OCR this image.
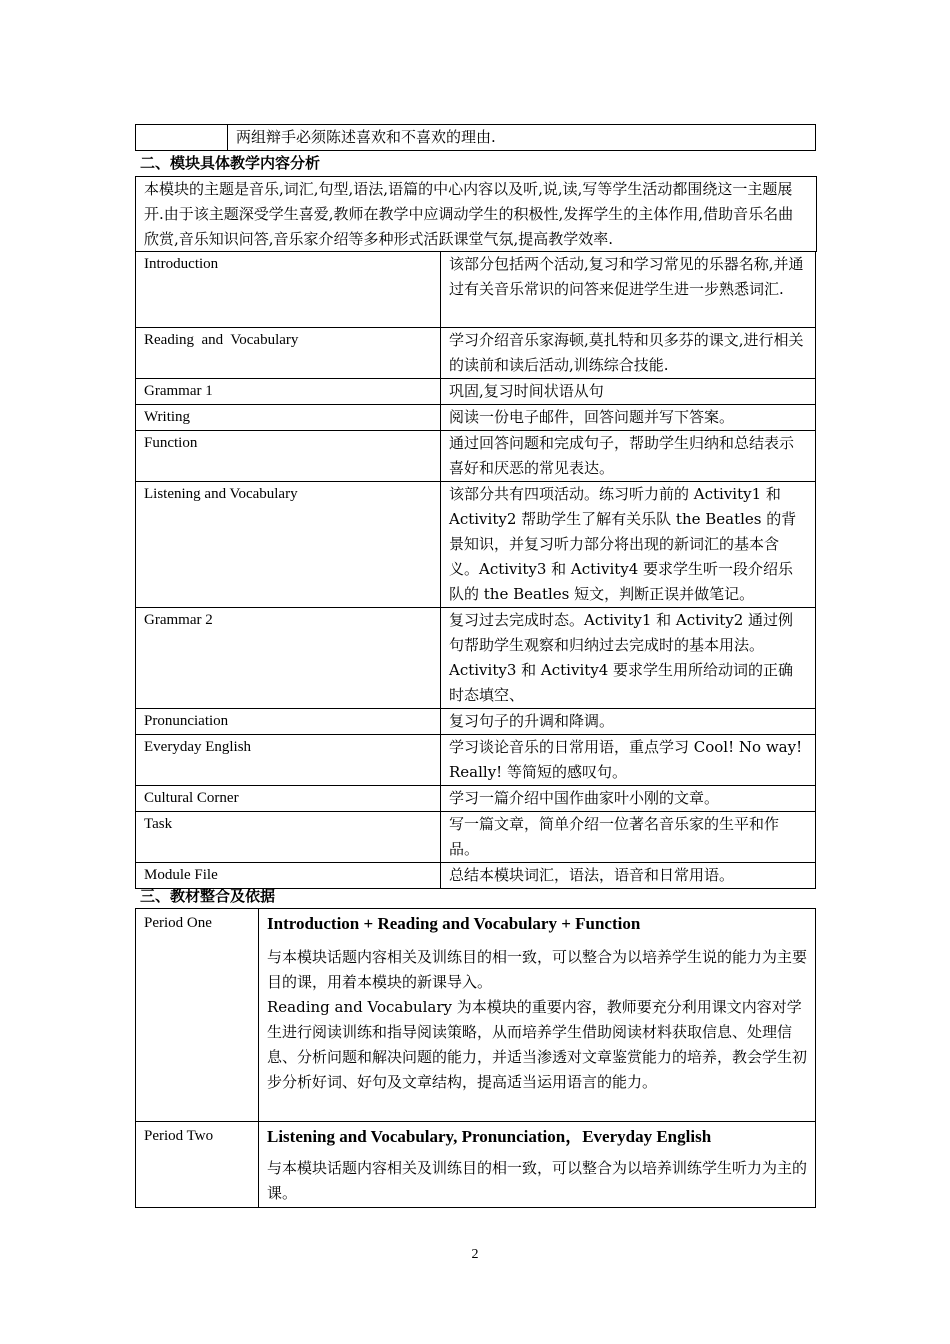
	两组辩手必须陈述喜欢和不喜欢的理由.
二、模块具体教学内容分析

本模块的主题是音乐,词汇,句型,语法,语篇的中心内容以及听,说,读,写等学生活动都围绕这一主题展开.由于该主题深受学生喜爱,教师在教学中应调动学生的积极性,发挥学生的主体作用,借助音乐名曲欣赏,音乐知识问答,音乐家介绍等多种形式活跃课堂气氛,提高教学效率.

Introduction	该部分包括两个活动,复习和学习常见的乐器名称,并通过有关音乐常识的问答来促进学生进一步熟悉词汇.
Reading  and  Vocabulary	学习介绍音乐家海顿,莫扎特和贝多芬的课文,进行相关的读前和读后活动,训练综合技能.
Grammar 1	巩固,复习时间状语从句
Writing	阅读一份电子邮件，回答问题并写下答案。
Function	通过回答问题和完成句子，帮助学生归纳和总结表示喜好和厌恶的常见表达。
Listening and Vocabulary	该部分共有四项活动。练习听力前的 Activity1 和 Activity2 帮助学生了解有关乐队 the Beatles 的背景知识，并复习听力部分将出现的新词汇的基本含义。Activity3 和 Activity4 要求学生听一段介绍乐队的 the Beatles 短文，判断正误并做笔记。
Grammar 2	复习过去完成时态。Activity1 和 Activity2 通过例句帮助学生观察和归纳过去完成时的基本用法。Activity3 和 Activity4 要求学生用所给动词的正确时态填空、
Pronunciation	复习句子的升调和降调。
Everyday English	学习谈论音乐的日常用语，重点学习 Cool! No way! Really! 等简短的感叹句。
Cultural Corner	学习一篇介绍中国作曲家叶小刚的文章。
Task	写一篇文章，简单介绍一位著名音乐家的生平和作品。
Module File	总结本模块词汇，语法，语音和日常用语。
三、教材整合及依据
Period One	Introduction + Reading and Vocabulary + Function

与本模块话题内容相关及训练目的相一致，可以整合为以培养学生说的能力为主要目的课，用着本模块的新课导入。

Reading and Vocabulary 为本模块的重要内容，教师要充分利用课文内容对学生进行阅读训练和指导阅读策略，从而培养学生借助阅读材料获取信息、处理信息、分析问题和解决问题的能力，并适当渗透对文章鉴赏能力的培养，教会学生初步分析好词、好句及文章结构，提高适当运用语言的能力。

Period Two	Listening and Vocabulary, Pronunciation，Everyday English

与本模块话题内容相关及训练目的相一致，可以整合为以培养训练学生听力为主的课。

2
